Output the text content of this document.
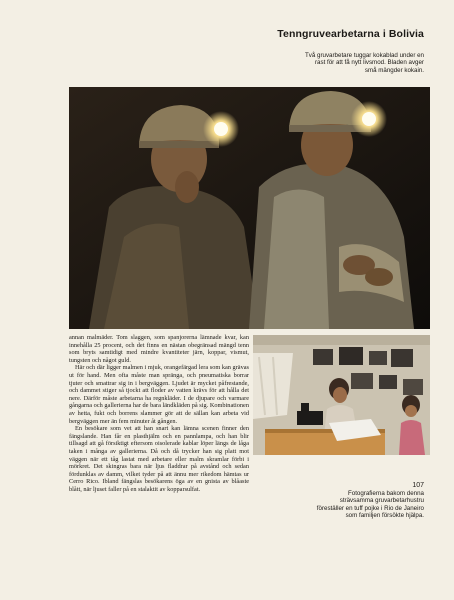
Tenngruvearbetarna i Bolivia
Två gruvarbetare tuggar kokablad under en rast för att få nytt livsmod. Bladen avger små mängder kokain.

annan malmäder. Tom slaggen, som spanjorerna lämnade kvar, kan innehålla 25 procent, och det finns en nästan obegränsad mängd tenn som bryts samtidigt med mindre kvantiteter järn, koppar, vismut, tungsten och något guld.

Här och där ligger malmen i mjuk, orangefärgad lera som kan grävas ut för hand. Men ofta måste man spränga, och pneumatiska borrar tjuter och smattrar sig in i bergväggen. Ljudet är mycket påfrestande, och dammet stiger så tjockt att floder av vatten krävs för att hålla det nere. Därför måste arbetarna ha regnkläder. I de djupare och varmare gångarna och gallerierna har de bara ländkläden på sig. Kombinationen av hetta, fukt och borrens slammer gör att de sällan kan arbeta vid bergväggen mer än fem minuter åt gången.

En besökare som vet att han snart kan lämna scenen finner den fängslande. Han får en plasthjälm och en pannlampa, och han blir tillsagd att gå försiktigt eftersom oisolerade kablar löper längs de låga taken i många av gallerierna. Då och då trycker han sig platt mot väggen när ett tåg lastat med arbetare eller malm skramlar förbi i mörkret. Det skingras bara när ljus fladdrar på avstånd och sedan fördunklas av damm, vilket tyder på att ännu mer rikedom hämtas ur Cerro Rico. Ibland fängslas besökarens öga av en gnista av blåaste blått, när ljuset faller på en stalaktit av kopparsulfat.

107
Fotografierna bakom denna strävsamma gruvarbetarhustru föreställer en tuff pojke i Rio de Janeiro som familjen försökte hjälpa.
